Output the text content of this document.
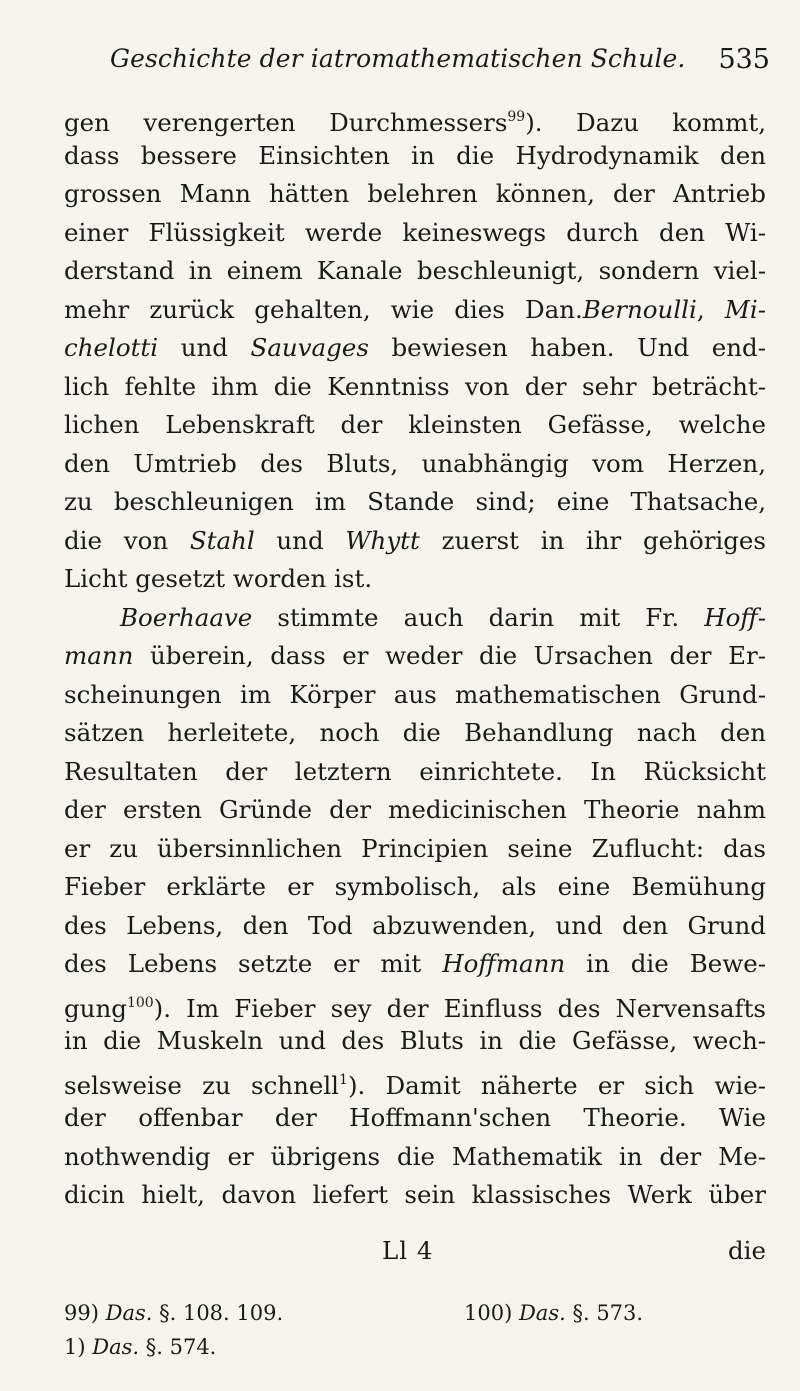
Geschichte der iatromathematischen Schule. 535
gen verengerten Durchmessers$^{99}$). Dazu kommt,
dass bessere Einsichten in die Hydrodynamik den
grossen Mann hätten belehren können, der Antrieb
einer Flüssigkeit werde keineswegs durch den Wi-
derstand in einem Kanale beschleunigt, sondern viel-
mehr zurück gehalten, wie dies Dan.Bernoulli, Mi-
chelotti und Sauvages bewiesen haben. Und end-
lich fehlte ihm die Kenntniss von der sehr beträcht-
lichen Lebenskraft der kleinsten Gefässe, welche
den Umtrieb des Bluts, unabhängig vom Herzen,
zu beschleunigen im Stande sind; eine Thatsache,
die von Stahl und Whytt zuerst in ihr gehöriges
Licht gesetzt worden ist.
Boerhaave stimmte auch darin mit Fr. Hoff-
mann überein, dass er weder die Ursachen der Er-
scheinungen im Körper aus mathematischen Grund-
sätzen herleitete, noch die Behandlung nach den
Resultaten der letztern einrichtete. In Rücksicht
der ersten Gründe der medicinischen Theorie nahm
er zu übersinnlichen Principien seine Zuflucht: das
Fieber erklärte er symbolisch, als eine Bemühung
des Lebens, den Tod abzuwenden, und den Grund
des Lebens setzte er mit Hoffmann in die Bewe-
gung$^{100}$). Im Fieber sey der Einfluss des Nervensafts
in die Muskeln und des Bluts in die Gefässe, wech-
selsweise zu schnell$^1$). Damit näherte er sich wie-
der offenbar der Hoffmann'schen Theorie. Wie
nothwendig er übrigens die Mathematik in der Me-
dicin hielt, davon liefert sein klassisches Werk über
Ll 4	die
99) Das. §. 108. 109.	100) Das. §. 573.
1) Das. §. 574.
